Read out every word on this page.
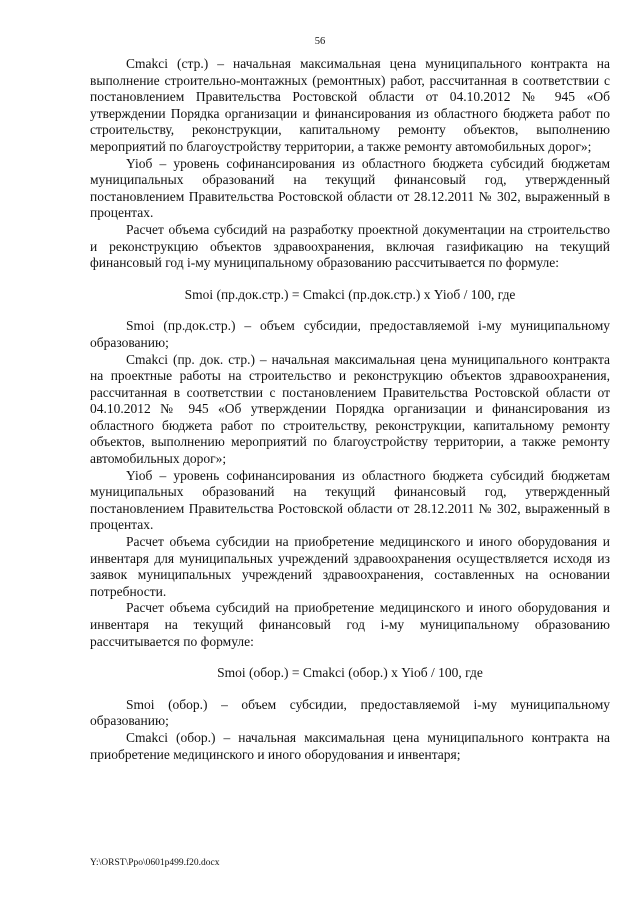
56

Cmakci (стр.) – начальная максимальная цена муниципального контракта на выполнение строительно-монтажных (ремонтных) работ, рассчитанная в соответствии с постановлением Правительства Ростовской области от 04.10.2012 № 945 «Об утверждении Порядка организации и финансирования из областного бюджета работ по строительству, реконструкции, капитальному ремонту объектов, выполнению мероприятий по благоустройству территории, а также ремонту автомобильных дорог»;

Yiоб – уровень софинансирования из областного бюджета субсидий бюджетам муниципальных образований на текущий финансовый год, утвержденный постановлением Правительства Ростовской области от 28.12.2011 № 302, выраженный в процентах.

Расчет объема субсидий на разработку проектной документации на строительство и реконструкцию объектов здравоохранения, включая газификацию на текущий финансовый год i-му муниципальному образованию рассчитывается по формуле:

Smoi (пр.док.стр.) = Cmakci (пр.док.стр.) х Yiоб / 100, где

Smoi (пр.док.стр.) – объем субсидии, предоставляемой i-му муниципальному образованию;

Cmakci (пр. док. стр.) – начальная максимальная цена муниципального контракта на проектные работы на строительство и реконструкцию объектов здравоохранения, рассчитанная в соответствии с постановлением Правительства Ростовской области от 04.10.2012 № 945 «Об утверждении Порядка организации и финансирования из областного бюджета работ по строительству, реконструкции, капитальному ремонту объектов, выполнению мероприятий по благоустройству территории, а также ремонту автомобильных дорог»;

Yiоб – уровень софинансирования из областного бюджета субсидий бюджетам муниципальных образований на текущий финансовый год, утвержденный постановлением Правительства Ростовской области от 28.12.2011 № 302, выраженный в процентах.

Расчет объема субсидии на приобретение медицинского и иного оборудования и инвентаря для муниципальных учреждений здравоохранения осуществляется исходя из заявок муниципальных учреждений здравоохранения, составленных на основании потребности.

Расчет объема субсидий на приобретение медицинского и иного оборудования и инвентаря на текущий финансовый год i-му муниципальному образованию рассчитывается по формуле:

Smoi (обор.) = Cmakci (обор.) х Yiоб / 100, где

Smoi (обор.) – объем субсидии, предоставляемой i-му муниципальному образованию;

Cmakci (обор.) – начальная максимальная цена муниципального контракта на приобретение медицинского и иного оборудования и инвентаря;

Y:\ORST\Ppo\0601p499.f20.docx
